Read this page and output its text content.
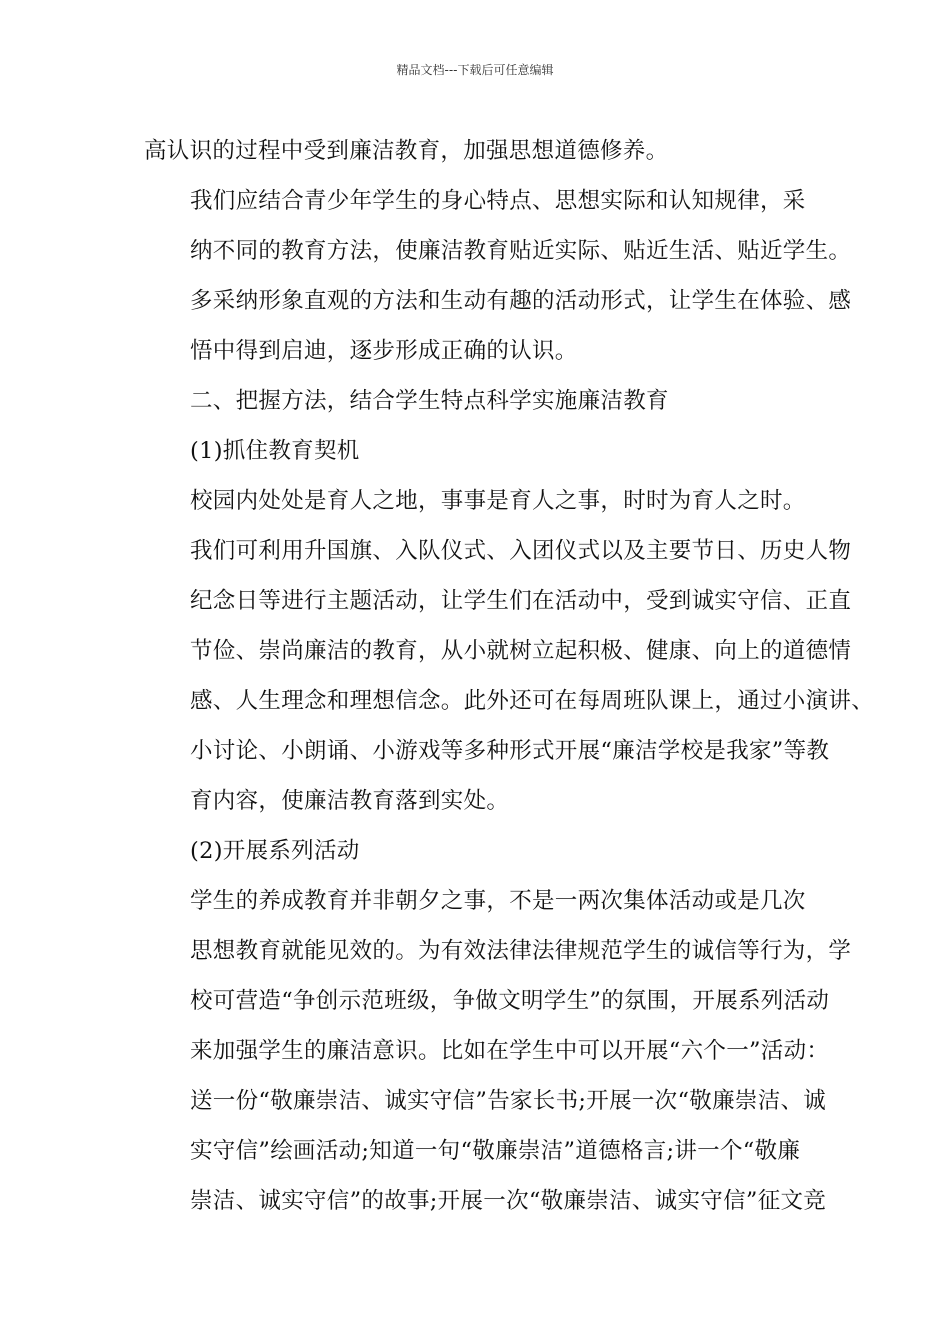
精品文档---下载后可任意编辑

高认识的过程中受到廉洁教育，加强思想道德修养。

我们应结合青少年学生的身心特点、思想实际和认知规律，采
纳不同的教育方法，使廉洁教育贴近实际、贴近生活、贴近学生。
多采纳形象直观的方法和生动有趣的活动形式，让学生在体验、感
悟中得到启迪，逐步形成正确的认识。

二、把握方法，结合学生特点科学实施廉洁教育

(1)抓住教育契机

校园内处处是育人之地，事事是育人之事，时时为育人之时。
我们可利用升国旗、入队仪式、入团仪式以及主要节日、历史人物
纪念日等进行主题活动，让学生们在活动中，受到诚实守信、正直
节俭、崇尚廉洁的教育，从小就树立起积极、健康、向上的道德情
感、人生理念和理想信念。此外还可在每周班队课上，通过小演讲、
小讨论、小朗诵、小游戏等多种形式开展“廉洁学校是我家”等教
育内容，使廉洁教育落到实处。

(2)开展系列活动

学生的养成教育并非朝夕之事，不是一两次集体活动或是几次
思想教育就能见效的。为有效法律法律规范学生的诚信等行为，学
校可营造“争创示范班级，争做文明学生”的氛围，开展系列活动
来加强学生的廉洁意识。比如在学生中可以开展“六个一”活动：
送一份“敬廉崇洁、诚实守信”告家长书;开展一次“敬廉崇洁、诚
实守信”绘画活动;知道一句“敬廉崇洁”道德格言;讲一个“敬廉
崇洁、诚实守信”的故事;开展一次“敬廉崇洁、诚实守信”征文竞
